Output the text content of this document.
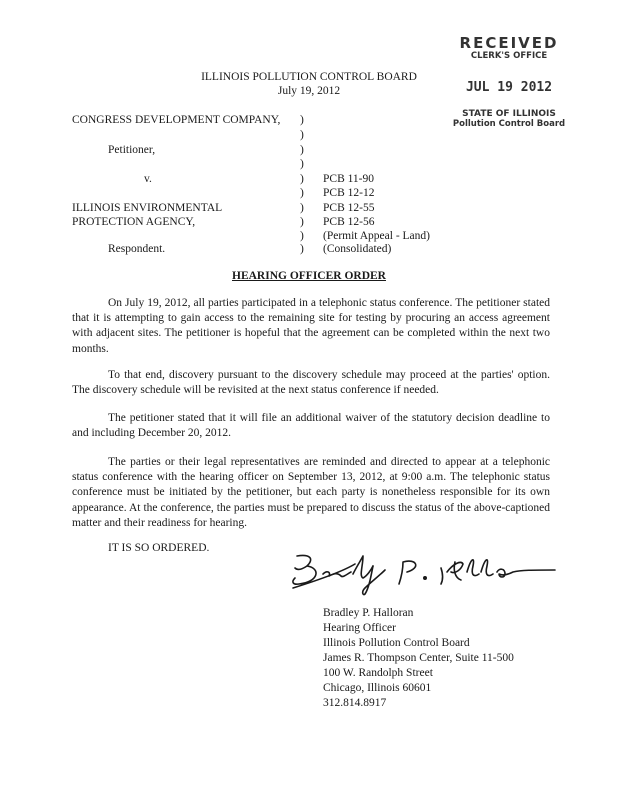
RECEIVED
CLERK'S OFFICE
JUL 19 2012
STATE OF ILLINOIS
Pollution Control Board
ILLINOIS POLLUTION CONTROL BOARD
July 19, 2012
CONGRESS DEVELOPMENT COMPANY,
Petitioner,
v.
ILLINOIS ENVIRONMENTAL
PROTECTION AGENCY,
Respondent.
)
)
)
)
)
)
)
)
)
)
PCB 11-90
PCB 12-12
PCB 12-55
PCB 12-56
(Permit Appeal - Land)
(Consolidated)
HEARING OFFICER ORDER
On July 19, 2012, all parties participated in a telephonic status conference. The petitioner stated that it is attempting to gain access to the remaining site for testing by procuring an access agreement with adjacent sites. The petitioner is hopeful that the agreement can be completed within the next two months.
To that end, discovery pursuant to the discovery schedule may proceed at the parties' option. The discovery schedule will be revisited at the next status conference if needed.
The petitioner stated that it will file an additional waiver of the statutory decision deadline to and including December 20, 2012.
The parties or their legal representatives are reminded and directed to appear at a telephonic status conference with the hearing officer on September 13, 2012, at 9:00 a.m. The telephonic status conference must be initiated by the petitioner, but each party is nonetheless responsible for its own appearance. At the conference, the parties must be prepared to discuss the status of the above-captioned matter and their readiness for hearing.
IT IS SO ORDERED.
Bradley P. Halloran
Hearing Officer
Illinois Pollution Control Board
James R. Thompson Center, Suite 11-500
100 W. Randolph Street
Chicago, Illinois 60601
312.814.8917
